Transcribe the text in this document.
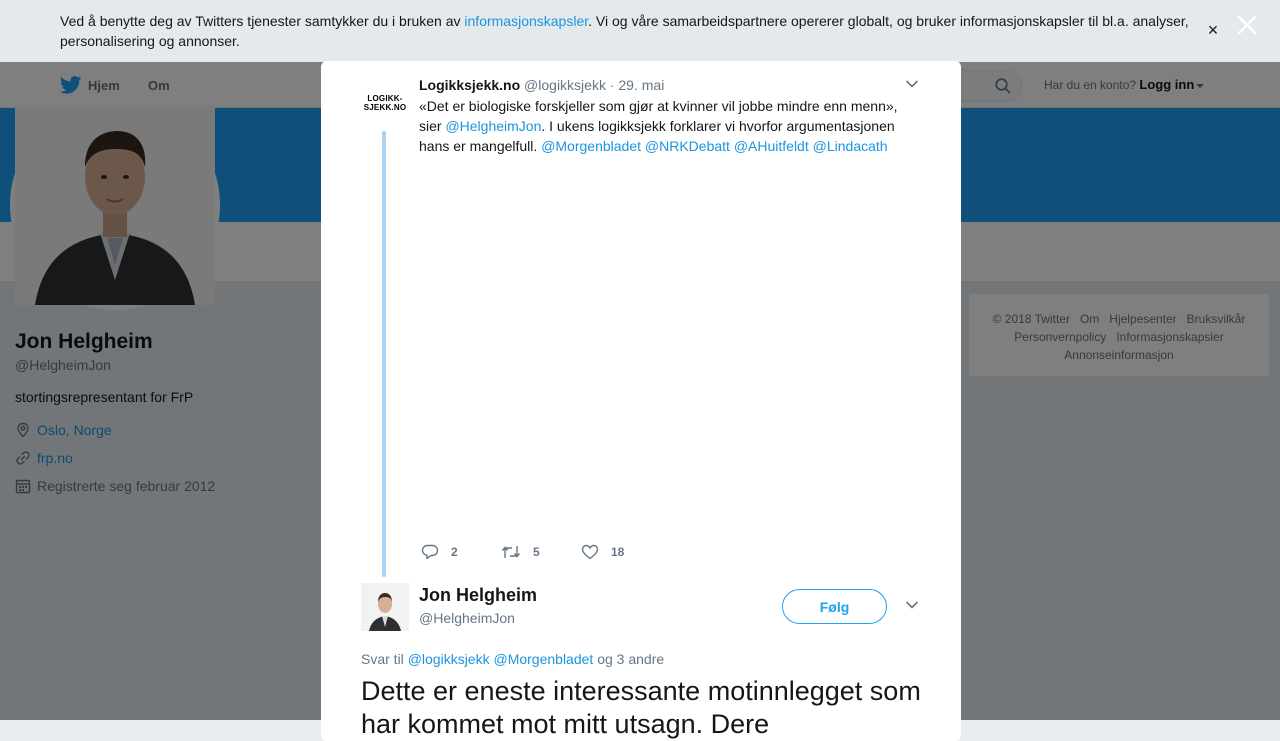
Ved å benytte deg av Twitters tjenester samtykker du i bruken av informasjonskapsler. Vi og våre samarbeidspartnere opererer globalt, og bruker informasjonskapsler til bl.a. analyser, personalisering og annonser.
×
LOGIKK-
SJEKK.NO
Logikksjekk.no @logikksjekk · 29. mai
«Det er biologiske forskjeller som gjør at kvinner vil jobbe mindre enn menn», sier @HelgheimJon. I ukens logikksjekk forklarer vi hvorfor argumentasjonen hans er mangelfull. @Morgenbladet @NRKDebatt @AHuitfeldt @Lindacath
2	5	18
Jon Helgheim
@HelgheimJon
Følg
Svar til @logikksjekk @Morgenbladet og 3 andre
Dette er eneste interessante motinnlegget som har kommet mot mitt utsagn. Dere
